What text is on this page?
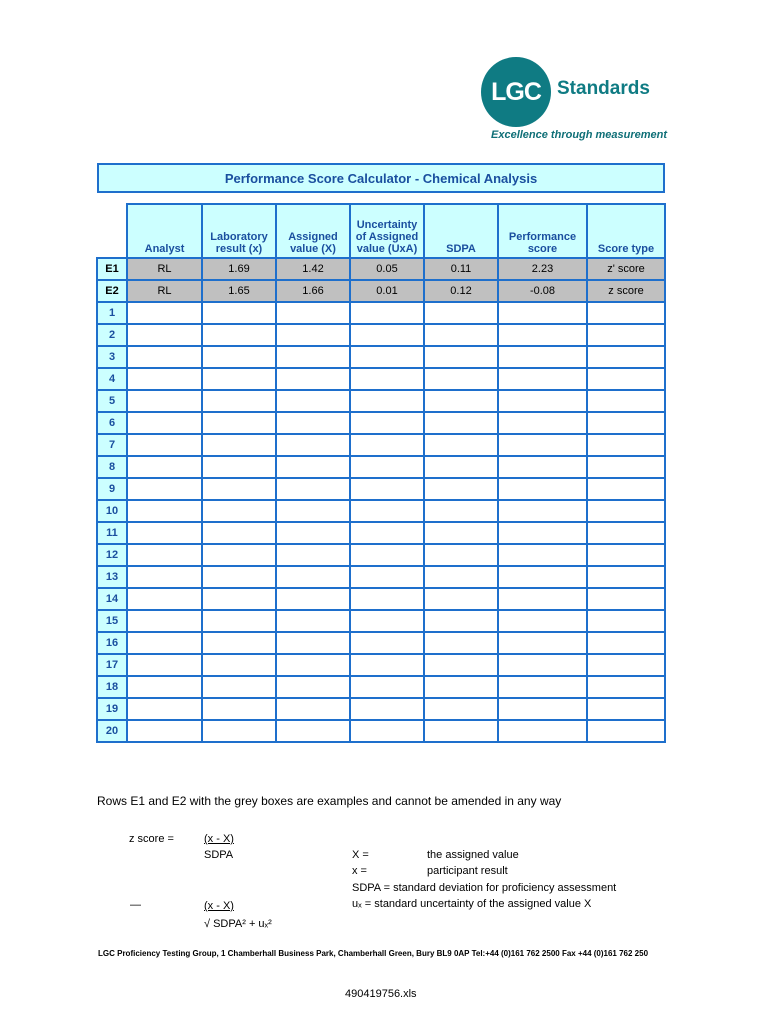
LGC Standards
Excellence through measurement
Performance Score Calculator - Chemical Analysis
	Analyst	Laboratory result (x)	Assigned value (X)	Uncertainty of Assigned value (UxA)	SDPA	Performance score	Score type
E1	RL	1.69	1.42	0.05	0.11	2.23	z' score
E2	RL	1.65	1.66	0.01	0.12	-0.08	z score
1							
2							
3							
4							
5							
6							
7							
8							
9							
10							
11							
12							
13							
14							
15							
16							
17							
18							
19							
20							
Rows E1 and E2 with the grey boxes are examples and cannot be amended in any way
z score =	(x - X)
SDPA
—	(x - X)
√ SDPA² + uₓ²
X =	the assigned value
x =	participant result
SDPA = standard deviation for proficiency assessment
uₓ = standard uncertainty of the assigned value X
LGC Proficiency Testing Group, 1 Chamberhall Business Park, Chamberhall Green, Bury BL9 0AP Tel:+44 (0)161 762 2500 Fax +44 (0)161 762 250
490419756.xls
